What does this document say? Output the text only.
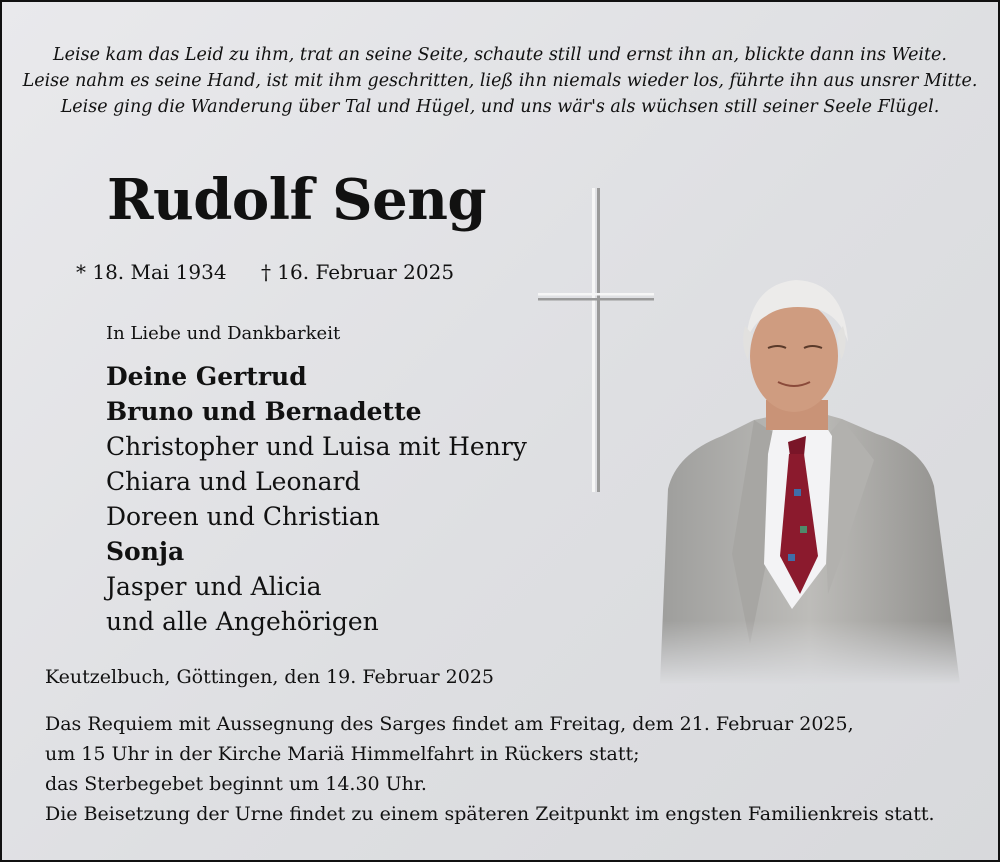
Leise kam das Leid zu ihm, trat an seine Seite, schaute still und ernst ihn an, blickte dann ins Weite.
Leise nahm es seine Hand, ist mit ihm geschritten, ließ ihn niemals wieder los, führte ihn aus unsrer Mitte.
Leise ging die Wanderung über Tal und Hügel, und uns wär's als wüchsen still seiner Seele Flügel.
Rudolf Seng
* 18. Mai 1934 † 16. Februar 2025
In Liebe und Dankbarkeit
Deine Gertrud
Bruno und Bernadette
Christopher und Luisa mit Henry
Chiara und Leonard
Doreen und Christian
Sonja
Jasper und Alicia
und alle Angehörigen
Keutzelbuch, Göttingen, den 19. Februar 2025
Das Requiem mit Aussegnung des Sarges findet am Freitag, dem 21. Februar 2025,
um 15 Uhr in der Kirche Mariä Himmelfahrt in Rückers statt;
das Sterbegebet beginnt um 14.30 Uhr.
Die Beisetzung der Urne findet zu einem späteren Zeitpunkt im engsten Familienkreis statt.
